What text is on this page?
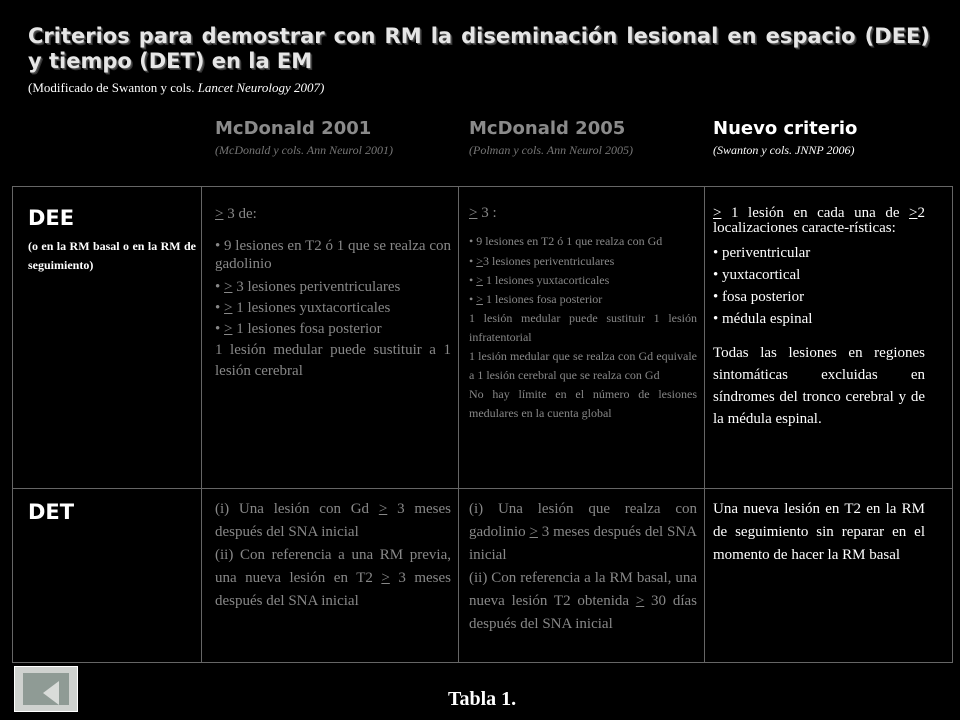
Criterios para demostrar con RM la diseminación lesional en espacio (DEE) y tiempo (DET) en la EM
(Modificado de Swanton y cols. Lancet Neurology 2007)
McDonald 2001
(McDonald y cols. Ann Neurol 2001)
McDonald 2005
(Polman y cols. Ann Neurol 2005)
Nuevo criterio
(Swanton y cols. JNNP 2006)
DEE
(o en la RM basal o en la RM de seguimiento)

≥ 3 de:

• 9 lesiones en T2 ó 1 que se realza con gadolinio

• ≥ 3 lesiones periventriculares

• ≥ 1 lesiones yuxtacorticales

• ≥ 1 lesiones fosa posterior

1 lesión medular puede sustituir a 1 lesión cerebral

≥ 3 :

• 9 lesiones en T2 ó 1 que realza con Gd

• ≥3 lesiones periventriculares

• ≥ 1 lesiones yuxtacorticales

• ≥ 1 lesiones fosa posterior

1 lesión medular puede sustituir 1 lesión infratentorial

1 lesión medular que se realza con Gd equivale a 1 lesión cerebral que se realza con Gd

No hay límite en el número de lesiones medulares en la cuenta global

≥ 1 lesión en cada una de ≥2 localizaciones caracte-rísticas:

• periventricular

• yuxtacortical

• fosa posterior

• médula espinal

Todas las lesiones en regiones sintomáticas excluidas en síndromes del tronco cerebral y de la médula espinal.

DET	(i) Una lesión con Gd ≥ 3 meses después del SNA inicial

(ii) Con referencia a una RM previa, una nueva lesión en T2 ≥ 3 meses después del SNA inicial

(i) Una lesión que realza con gadolinio ≥ 3 meses después del SNA inicial

(ii) Con referencia a la RM basal, una nueva lesión T2 obtenida ≥ 30 días después del SNA inicial

Una nueva lesión en T2 en la RM de seguimiento sin reparar en el momento de hacer la RM basal
Tabla 1.
